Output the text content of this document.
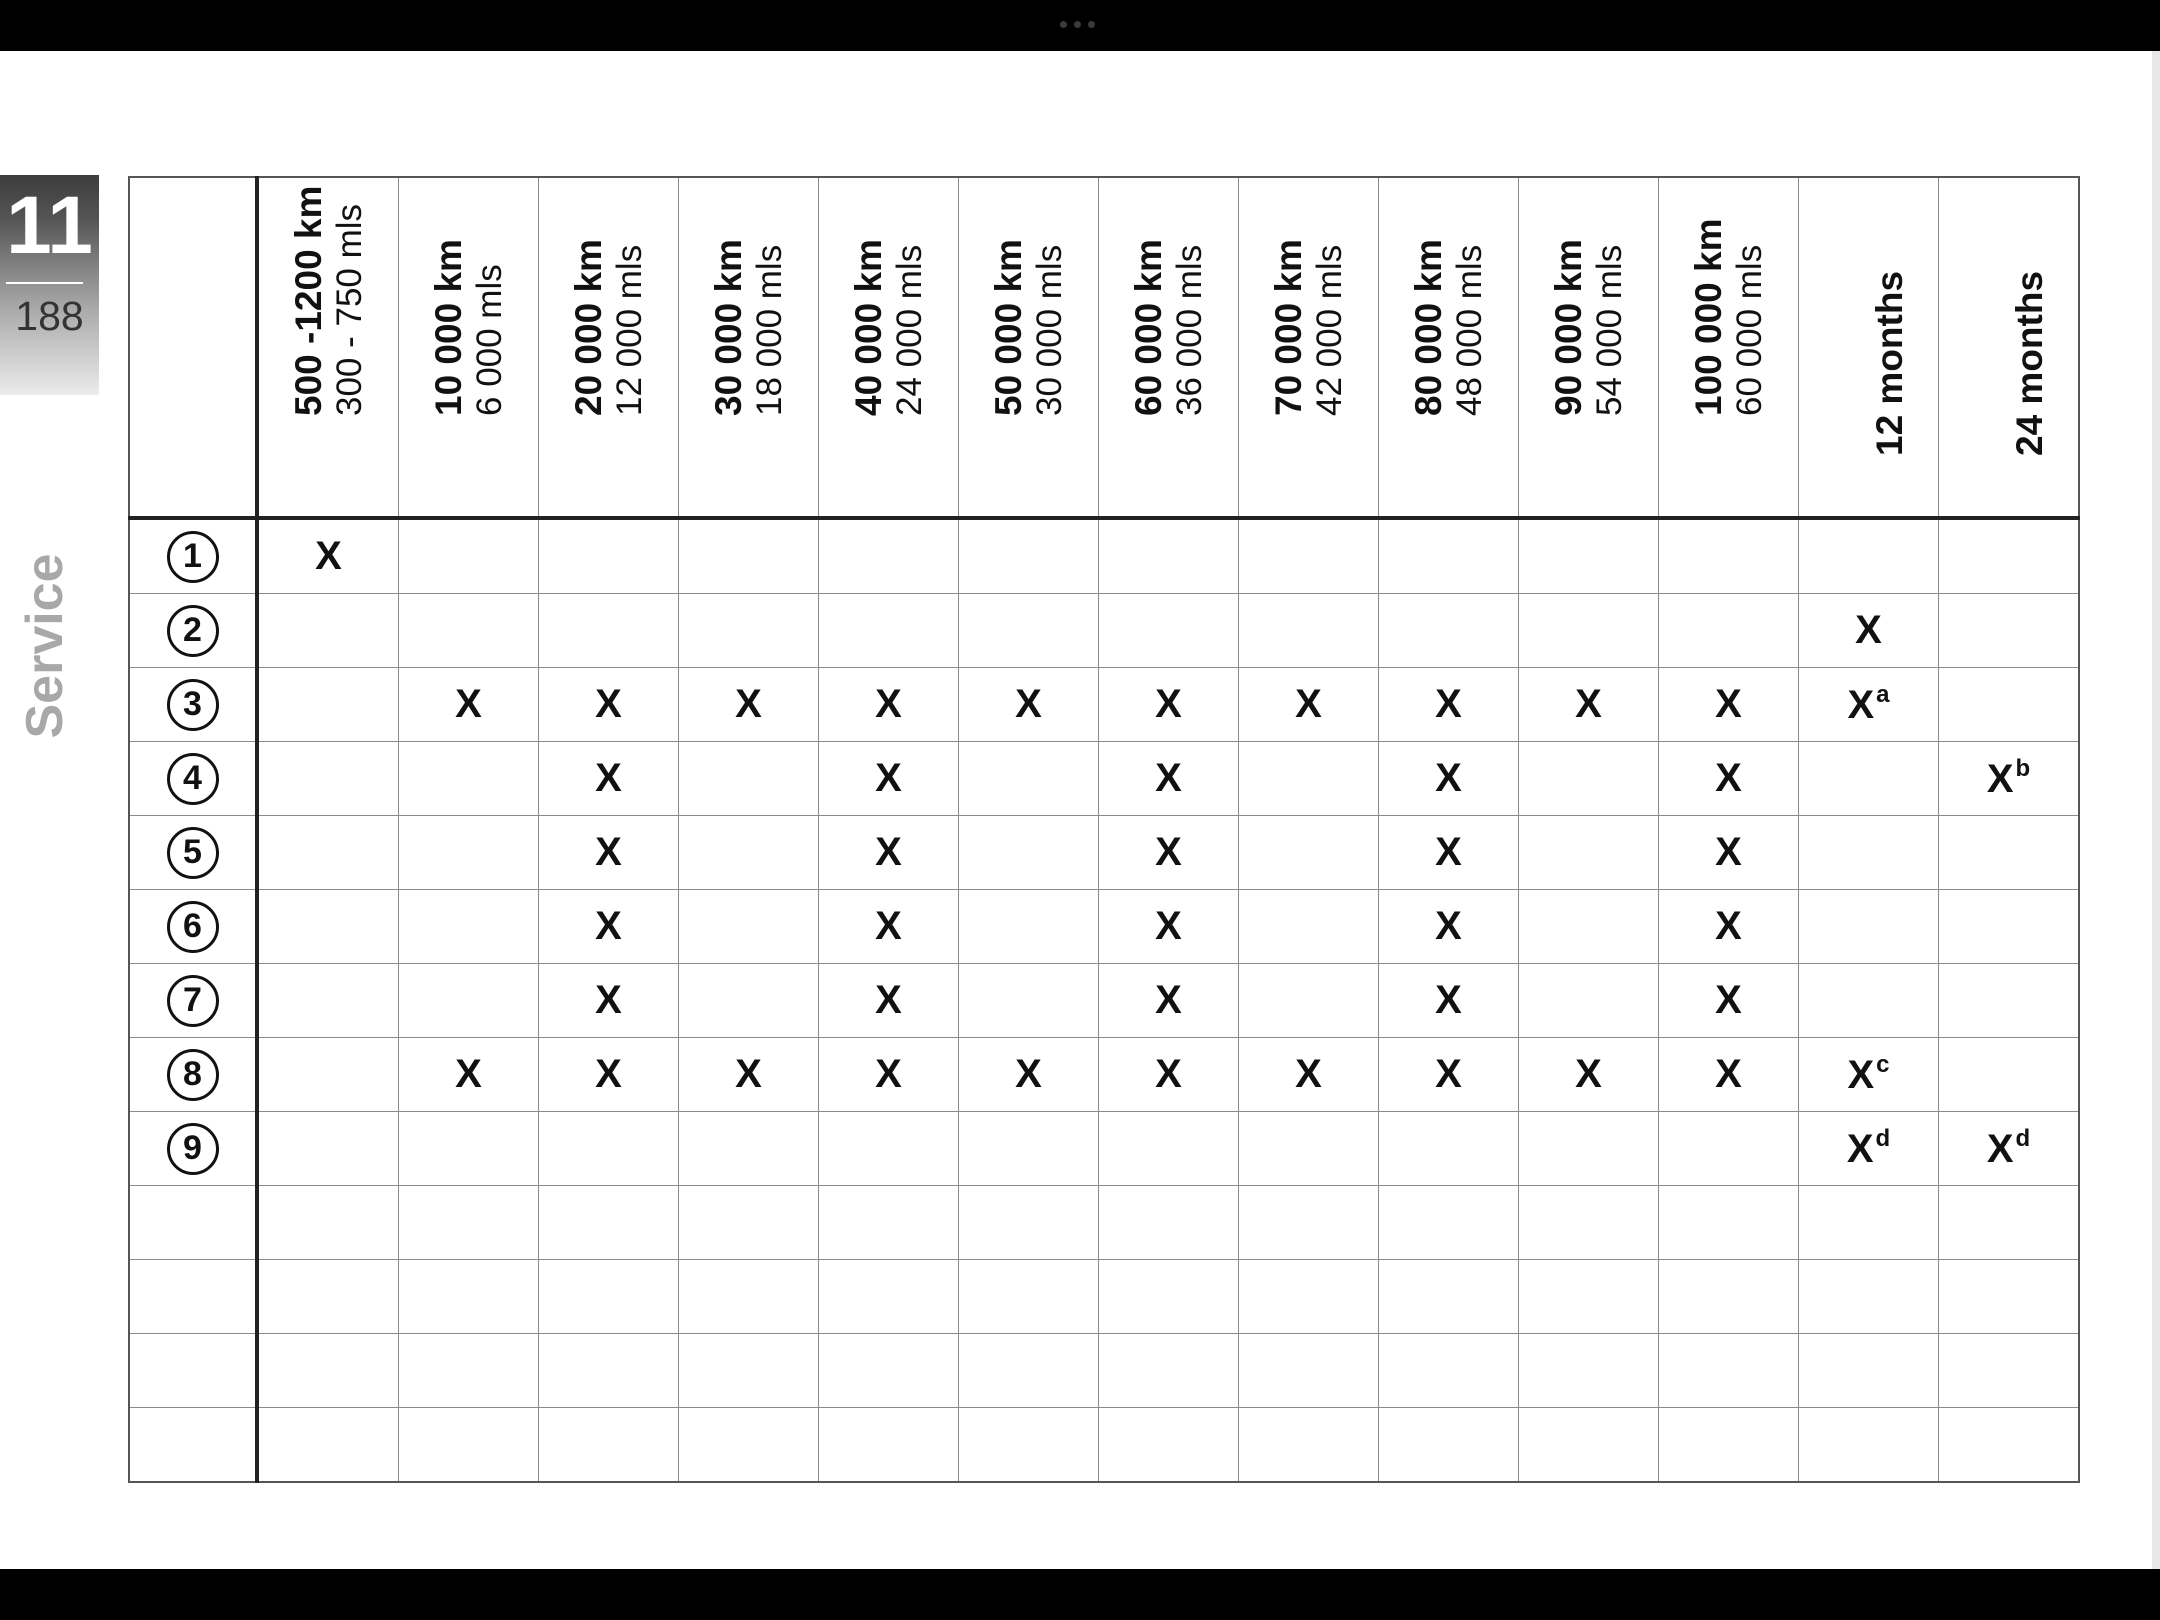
11
188
Service

	500 -1200 km 300 - 750 mls	10 000 km 6 000 mls	20 000 km 12 000 mls	30 000 km 18 000 mls	40 000 km 24 000 mls	50 000 km 30 000 mls	60 000 km 36 000 mls	70 000 km 42 000 mls	80 000 km 48 000 mls	90 000 km 54 000 mls	100 000 km 60 000 mls	12 months	24 months

1	X												
2												X	
3		X	X	X	X	X	X	X	X	X	X	$X^a$	
4			X		X		X		X		X		$X^b$
5			X		X		X		X		X		
6			X		X		X		X		X		
7			X		X		X		X		X		
8		X	X	X	X	X	X	X	X	X	X	$X^c$	
9												$X^d$	$X^d$
